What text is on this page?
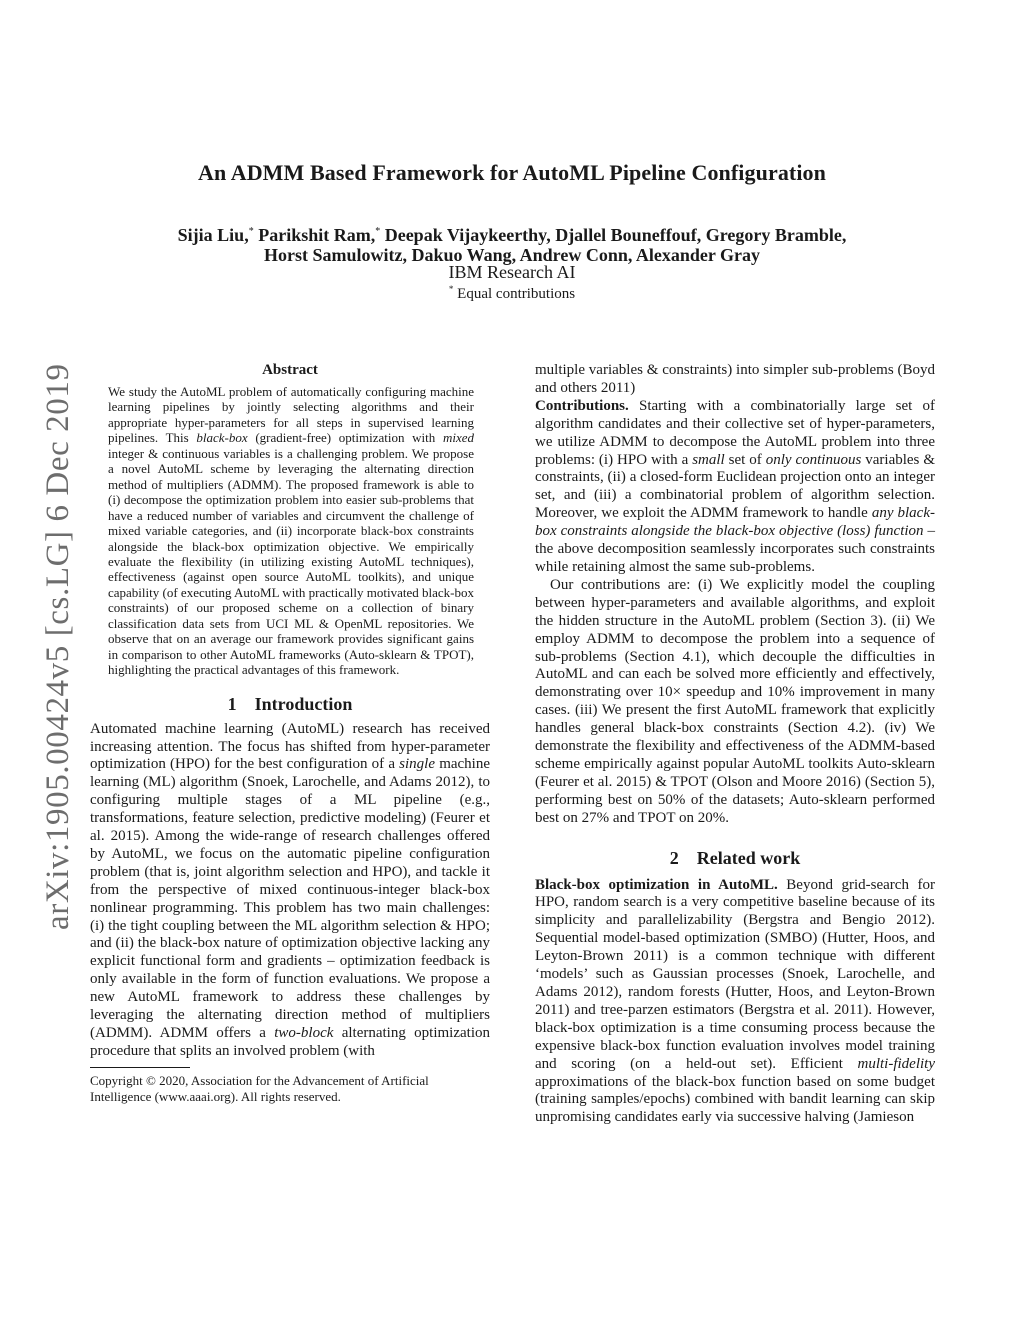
An ADMM Based Framework for AutoML Pipeline Configuration
Sijia Liu,* Parikshit Ram,* Deepak Vijaykeerthy, Djallel Bouneffouf, Gregory Bramble,
Horst Samulowitz, Dakuo Wang, Andrew Conn, Alexander Gray
IBM Research AI
* Equal contributions
arXiv:1905.00424v5 [cs.LG] 6 Dec 2019	Abstract

We study the AutoML problem of automatically configuring machine learning pipelines by jointly selecting algorithms and their appropriate hyper-parameters for all steps in supervised learning pipelines. This black-box (gradient-free) optimization with mixed integer & continuous variables is a challenging problem. We propose a novel AutoML scheme by leveraging the alternating direction method of multipliers (ADMM). The proposed framework is able to (i) decompose the optimization problem into easier sub-problems that have a reduced number of variables and circumvent the challenge of mixed variable categories, and (ii) incorporate black-box constraints alongside the black-box optimization objective. We empirically evaluate the flexibility (in utilizing existing AutoML techniques), effectiveness (against open source AutoML toolkits), and unique capability (of executing AutoML with practically motivated black-box constraints) of our proposed scheme on a collection of binary classification data sets from UCI ML & OpenML repositories. We observe that on an average our framework provides significant gains in comparison to other AutoML frameworks (Auto-sklearn & TPOT), highlighting the practical advantages of this framework.

1 Introduction

Automated machine learning (AutoML) research has received increasing attention. The focus has shifted from hyper-parameter optimization (HPO) for the best configuration of a single machine learning (ML) algorithm (Snoek, Larochelle, and Adams 2012), to configuring multiple stages of a ML pipeline (e.g., transformations, feature selection, predictive modeling) (Feurer et al. 2015). Among the wide-range of research challenges offered by AutoML, we focus on the automatic pipeline configuration problem (that is, joint algorithm selection and HPO), and tackle it from the perspective of mixed continuous-integer black-box nonlinear programming. This problem has two main challenges: (i) the tight coupling between the ML algorithm selection & HPO; and (ii) the black-box nature of optimization objective lacking any explicit functional form and gradients – optimization feedback is only available in the form of function evaluations. We propose a new AutoML framework to address these challenges by leveraging the alternating direction method of multipliers (ADMM). ADMM offers a two-block alternating optimization procedure that splits an involved problem (with

Copyright © 2020, Association for the Advancement of Artificial Intelligence (www.aaai.org). All rights reserved.

multiple variables & constraints) into simpler sub-problems (Boyd and others 2011)

Contributions. Starting with a combinatorially large set of algorithm candidates and their collective set of hyper-parameters, we utilize ADMM to decompose the AutoML problem into three problems: (i) HPO with a small set of only continuous variables & constraints, (ii) a closed-form Euclidean projection onto an integer set, and (iii) a combinatorial problem of algorithm selection. Moreover, we exploit the ADMM framework to handle any black-box constraints alongside the black-box objective (loss) function – the above decomposition seamlessly incorporates such constraints while retaining almost the same sub-problems.

Our contributions are: (i) We explicitly model the coupling between hyper-parameters and available algorithms, and exploit the hidden structure in the AutoML problem (Section 3). (ii) We employ ADMM to decompose the problem into a sequence of sub-problems (Section 4.1), which decouple the difficulties in AutoML and can each be solved more efficiently and effectively, demonstrating over 10× speedup and 10% improvement in many cases. (iii) We present the first AutoML framework that explicitly handles general black-box constraints (Section 4.2). (iv) We demonstrate the flexibility and effectiveness of the ADMM-based scheme empirically against popular AutoML toolkits Auto-sklearn (Feurer et al. 2015) & TPOT (Olson and Moore 2016) (Section 5), performing best on 50% of the datasets; Auto-sklearn performed best on 27% and TPOT on 20%.

2 Related work

Black-box optimization in AutoML. Beyond grid-search for HPO, random search is a very competitive baseline because of its simplicity and parallelizability (Bergstra and Bengio 2012). Sequential model-based optimization (SMBO) (Hutter, Hoos, and Leyton-Brown 2011) is a common technique with different ‘models’ such as Gaussian processes (Snoek, Larochelle, and Adams 2012), random forests (Hutter, Hoos, and Leyton-Brown 2011) and tree-parzen estimators (Bergstra et al. 2011). However, black-box optimization is a time consuming process because the expensive black-box function evaluation involves model training and scoring (on a held-out set). Efficient multi-fidelity approximations of the black-box function based on some budget (training samples/epochs) combined with bandit learning can skip unpromising candidates early via successive halving (Jamieson
